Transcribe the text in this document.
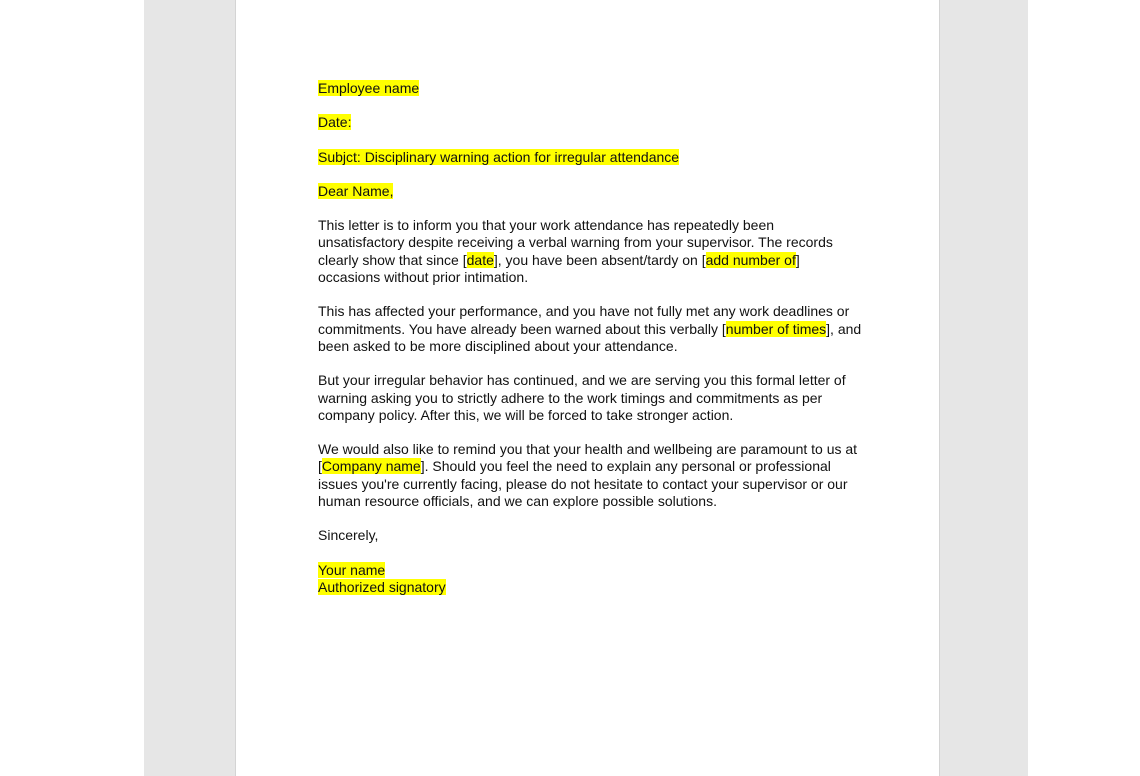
Employee name

Date:

Subjct: Disciplinary warning action for irregular attendance

Dear Name,

This letter is to inform you that your work attendance has repeatedly been
unsatisfactory despite receiving a verbal warning from your supervisor. The records
clearly show that since [date], you have been absent/tardy on [add number of]
occasions without prior intimation.

This has affected your performance, and you have not fully met any work deadlines or
commitments. You have already been warned about this verbally [number of times], and
been asked to be more disciplined about your attendance.

But your irregular behavior has continued, and we are serving you this formal letter of
warning asking you to strictly adhere to the work timings and commitments as per
company policy. After this, we will be forced to take stronger action.

We would also like to remind you that your health and wellbeing are paramount to us at
[Company name]. Should you feel the need to explain any personal or professional
issues you're currently facing, please do not hesitate to contact your supervisor or our
human resource officials, and we can explore possible solutions.

Sincerely,

Your name
Authorized signatory
